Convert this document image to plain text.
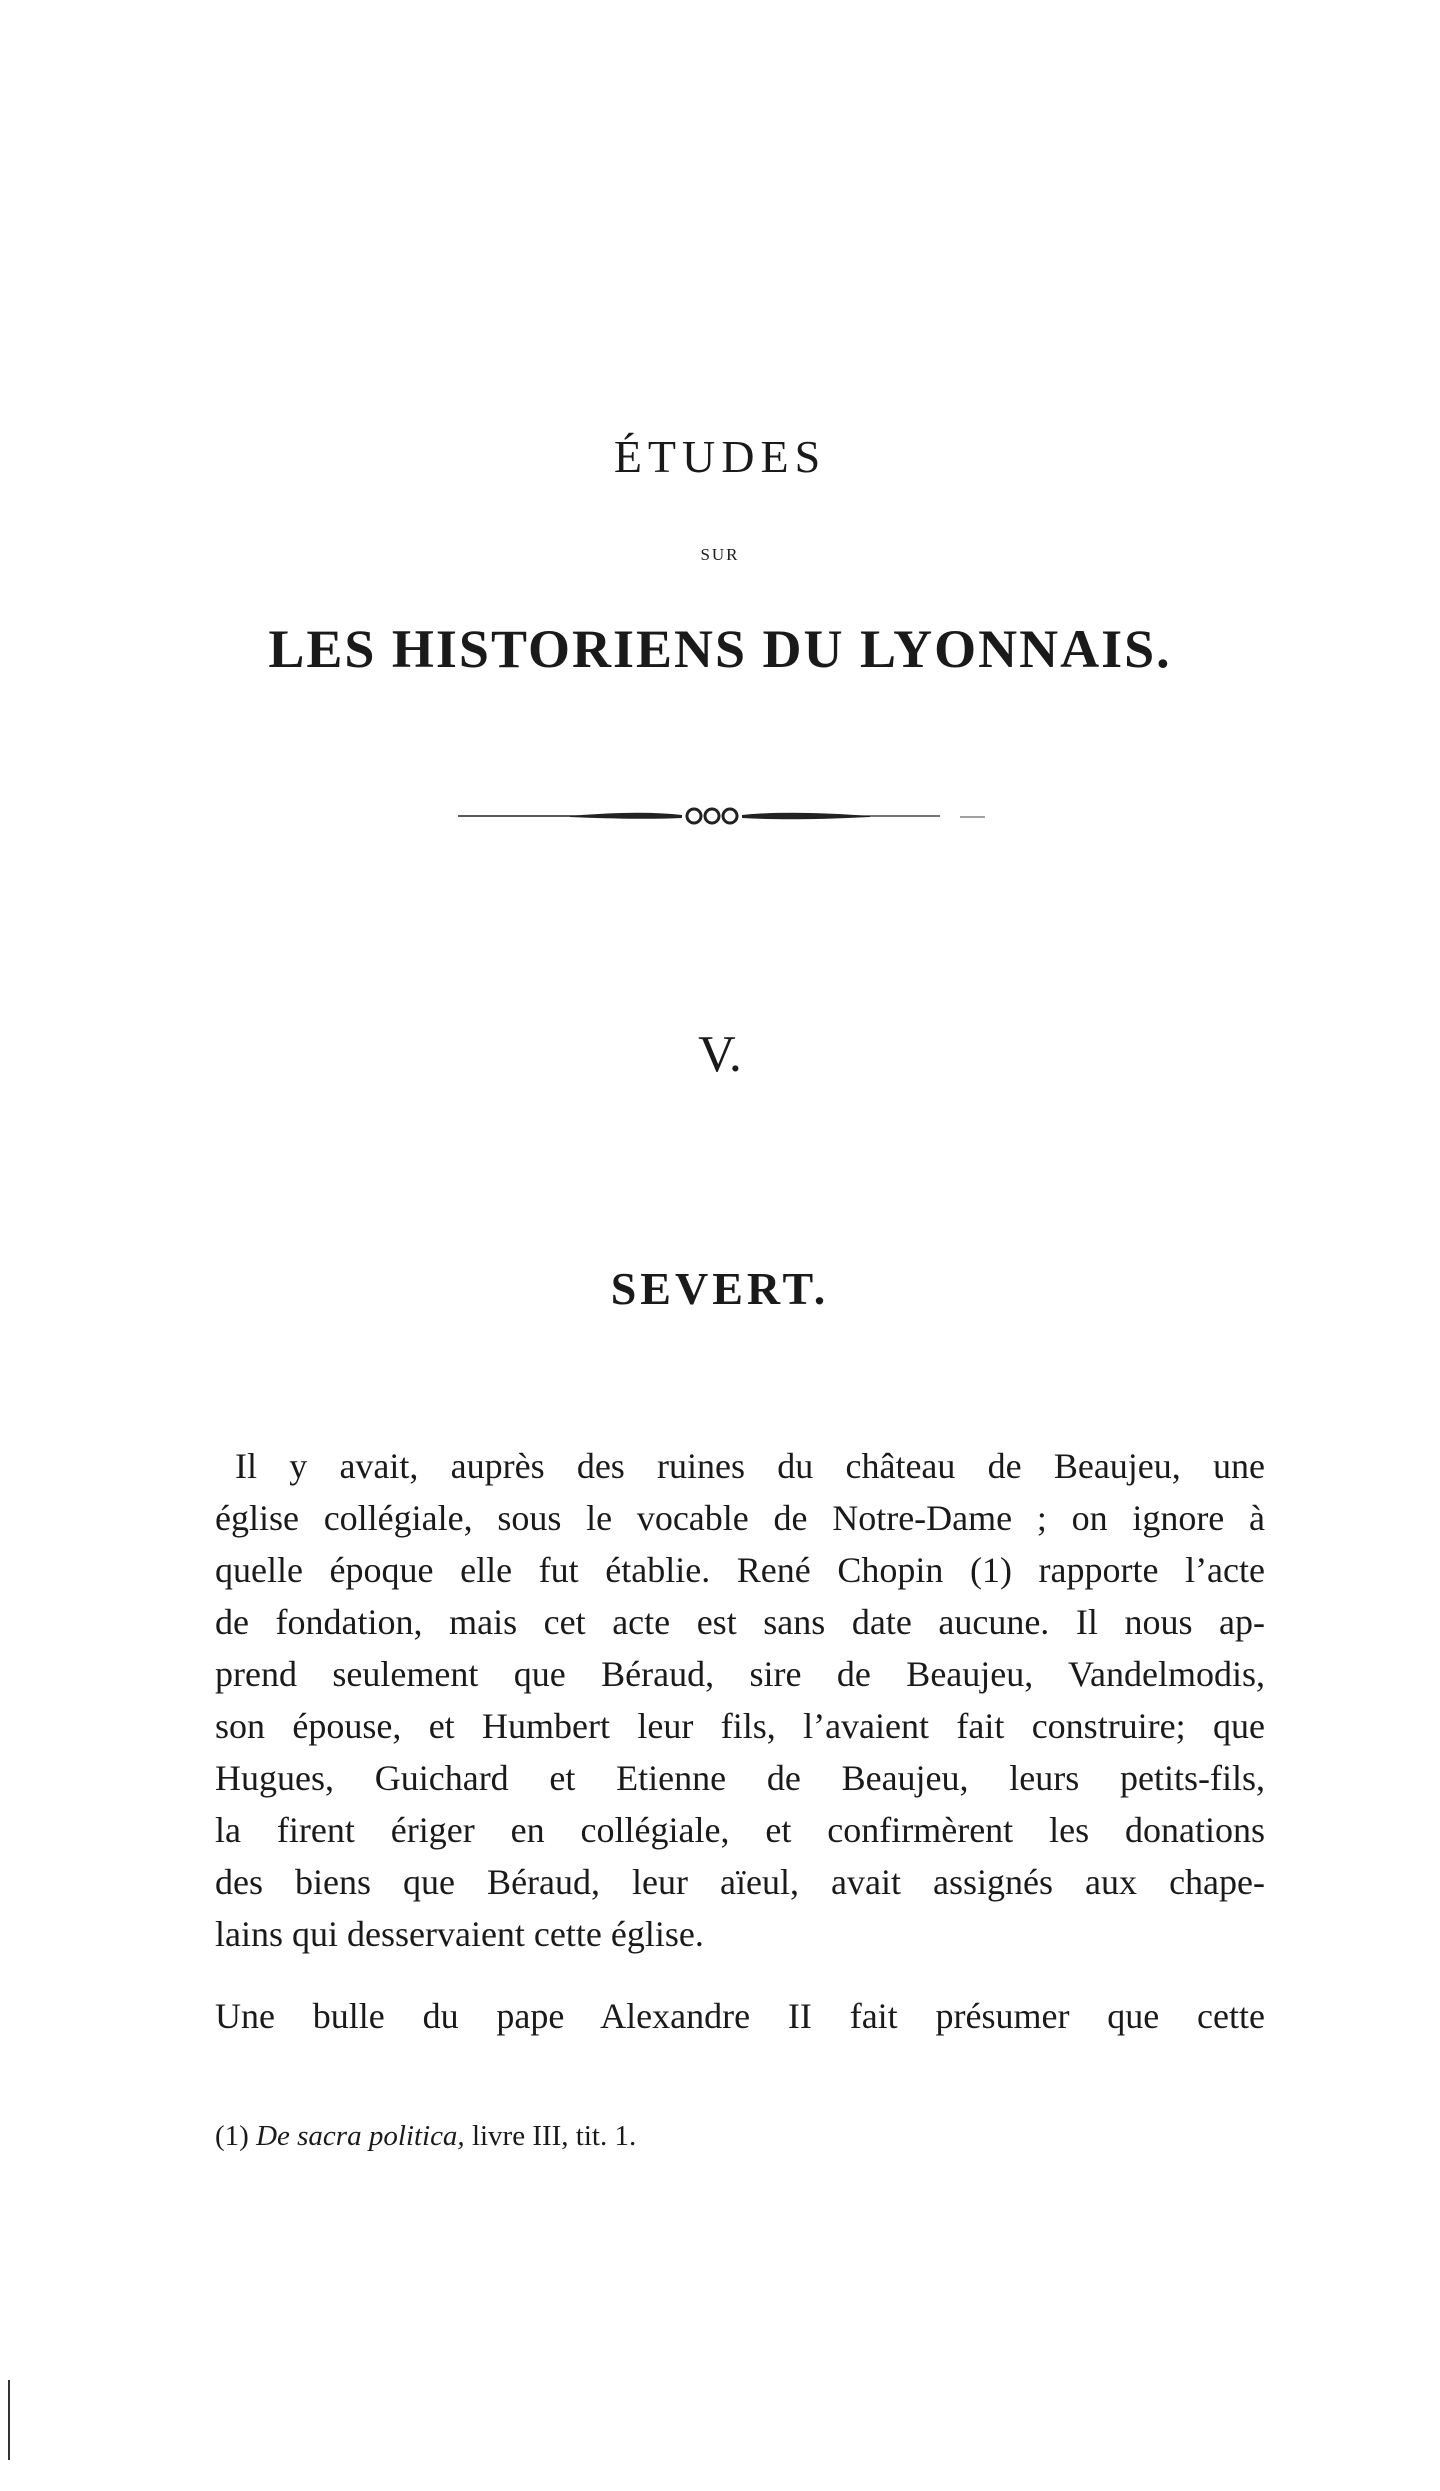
ÉTUDES
SUR
LES HISTORIENS DU LYONNAIS.
V.
SEVERT.
Il y avait, auprès des ruines du château de Beaujeu, une
église collégiale, sous le vocable de Notre-Dame ; on ignore à
quelle époque elle fut établie. René Chopin (1) rapporte l’acte
de fondation, mais cet acte est sans date aucune. Il nous ap-
prend seulement que Béraud, sire de Beaujeu, Vandelmodis,
son épouse, et Humbert leur fils, l’avaient fait construire; que
Hugues, Guichard et Etienne de Beaujeu, leurs petits-fils,
la firent ériger en collégiale, et confirmèrent les donations
des biens que Béraud, leur aïeul, avait assignés aux chape-
lains qui desservaient cette église.
Une bulle du pape Alexandre II fait présumer que cette
(1) De sacra politica, livre III, tit. 1.
